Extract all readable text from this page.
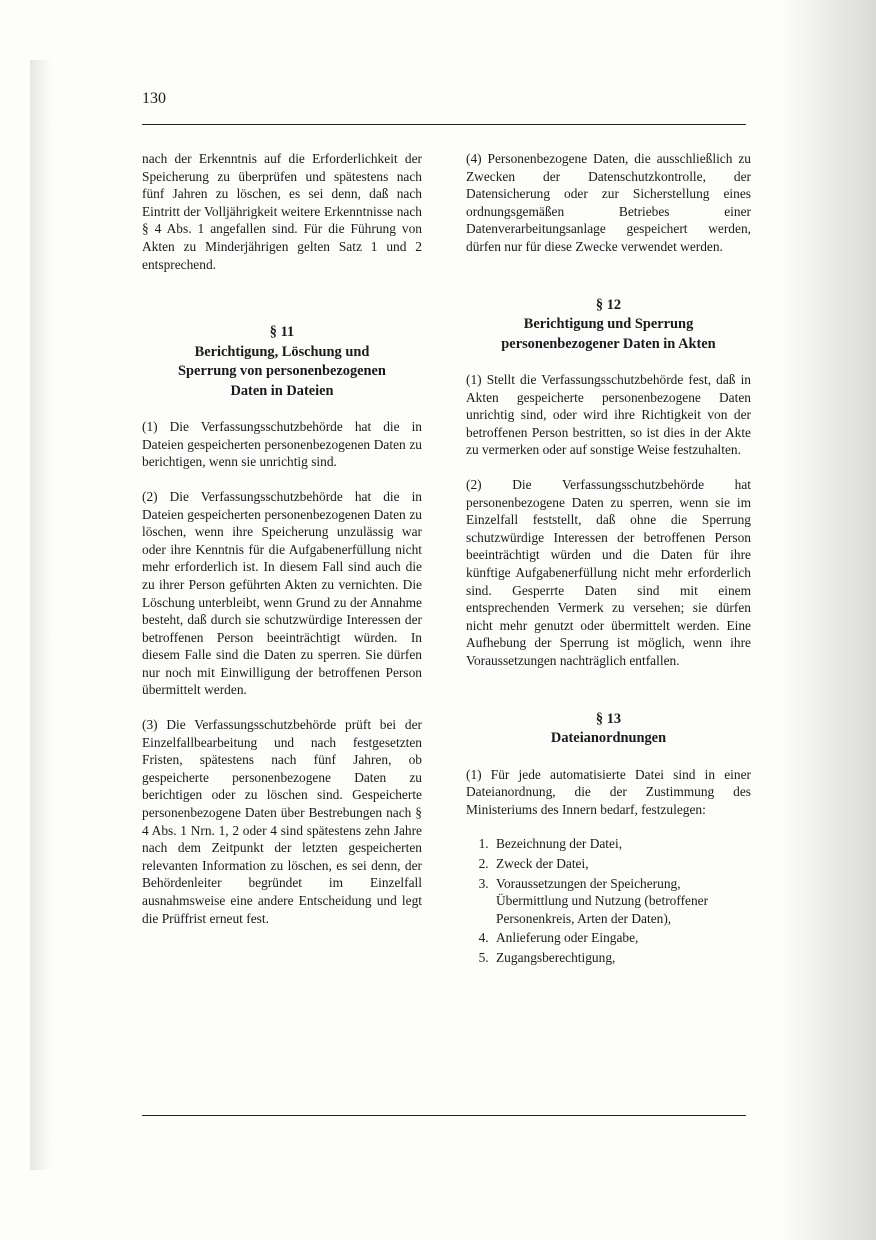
130

nach der Erkenntnis auf die Erforderlichkeit der Speicherung zu überprüfen und spätestens nach fünf Jahren zu löschen, es sei denn, daß nach Eintritt der Volljährigkeit weitere Erkenntnisse nach § 4 Abs. 1 angefallen sind. Für die Führung von Akten zu Minderjährigen gelten Satz 1 und 2 entsprechend.

§ 11
Berichtigung, Löschung und
Sperrung von personenbezogenen
Daten in Dateien

(1) Die Verfassungsschutzbehörde hat die in Dateien gespeicherten personenbezogenen Daten zu berichtigen, wenn sie unrichtig sind.

(2) Die Verfassungsschutzbehörde hat die in Dateien gespeicherten personenbezogenen Daten zu löschen, wenn ihre Speicherung unzulässig war oder ihre Kenntnis für die Aufgabenerfüllung nicht mehr erforderlich ist. In diesem Fall sind auch die zu ihrer Person geführten Akten zu vernichten. Die Löschung unterbleibt, wenn Grund zu der Annahme besteht, daß durch sie schutzwürdige Interessen der betroffenen Person beeinträchtigt würden. In diesem Falle sind die Daten zu sperren. Sie dürfen nur noch mit Einwilligung der betroffenen Person übermittelt werden.

(3) Die Verfassungsschutzbehörde prüft bei der Einzelfallbearbeitung und nach festgesetzten Fristen, spätestens nach fünf Jahren, ob gespeicherte personenbezogene Daten zu berichtigen oder zu löschen sind. Gespeicherte personenbezogene Daten über Bestrebungen nach § 4 Abs. 1 Nrn. 1, 2 oder 4 sind spätestens zehn Jahre nach dem Zeitpunkt der letzten gespeicherten relevanten Information zu löschen, es sei denn, der Behördenleiter begründet im Einzelfall ausnahmsweise eine andere Entscheidung und legt die Prüffrist erneut fest.

(4) Personenbezogene Daten, die ausschließlich zu Zwecken der Datenschutzkontrolle, der Datensicherung oder zur Sicherstellung eines ordnungsgemäßen Betriebes einer Datenverarbeitungsanlage gespeichert werden, dürfen nur für diese Zwecke verwendet werden.

§ 12
Berichtigung und Sperrung
personenbezogener Daten in Akten

(1) Stellt die Verfassungsschutzbehörde fest, daß in Akten gespeicherte personenbezogene Daten unrichtig sind, oder wird ihre Richtigkeit von der betroffenen Person bestritten, so ist dies in der Akte zu vermerken oder auf sonstige Weise festzuhalten.

(2) Die Verfassungsschutzbehörde hat personenbezogene Daten zu sperren, wenn sie im Einzelfall feststellt, daß ohne die Sperrung schutzwürdige Interessen der betroffenen Person beeinträchtigt würden und die Daten für ihre künftige Aufgabenerfüllung nicht mehr erforderlich sind. Gesperrte Daten sind mit einem entsprechenden Vermerk zu versehen; sie dürfen nicht mehr genutzt oder übermittelt werden. Eine Aufhebung der Sperrung ist möglich, wenn ihre Voraussetzungen nachträglich entfallen.

§ 13
Dateianordnungen

(1) Für jede automatisierte Datei sind in einer Dateianordnung, die der Zustimmung des Ministeriums des Innern bedarf, festzulegen:

1. Bezeichnung der Datei,
2. Zweck der Datei,
3. Voraussetzungen der Speicherung, Übermittlung und Nutzung (betroffener Personenkreis, Arten der Daten),
4. Anlieferung oder Eingabe,
5. Zugangsberechtigung,
